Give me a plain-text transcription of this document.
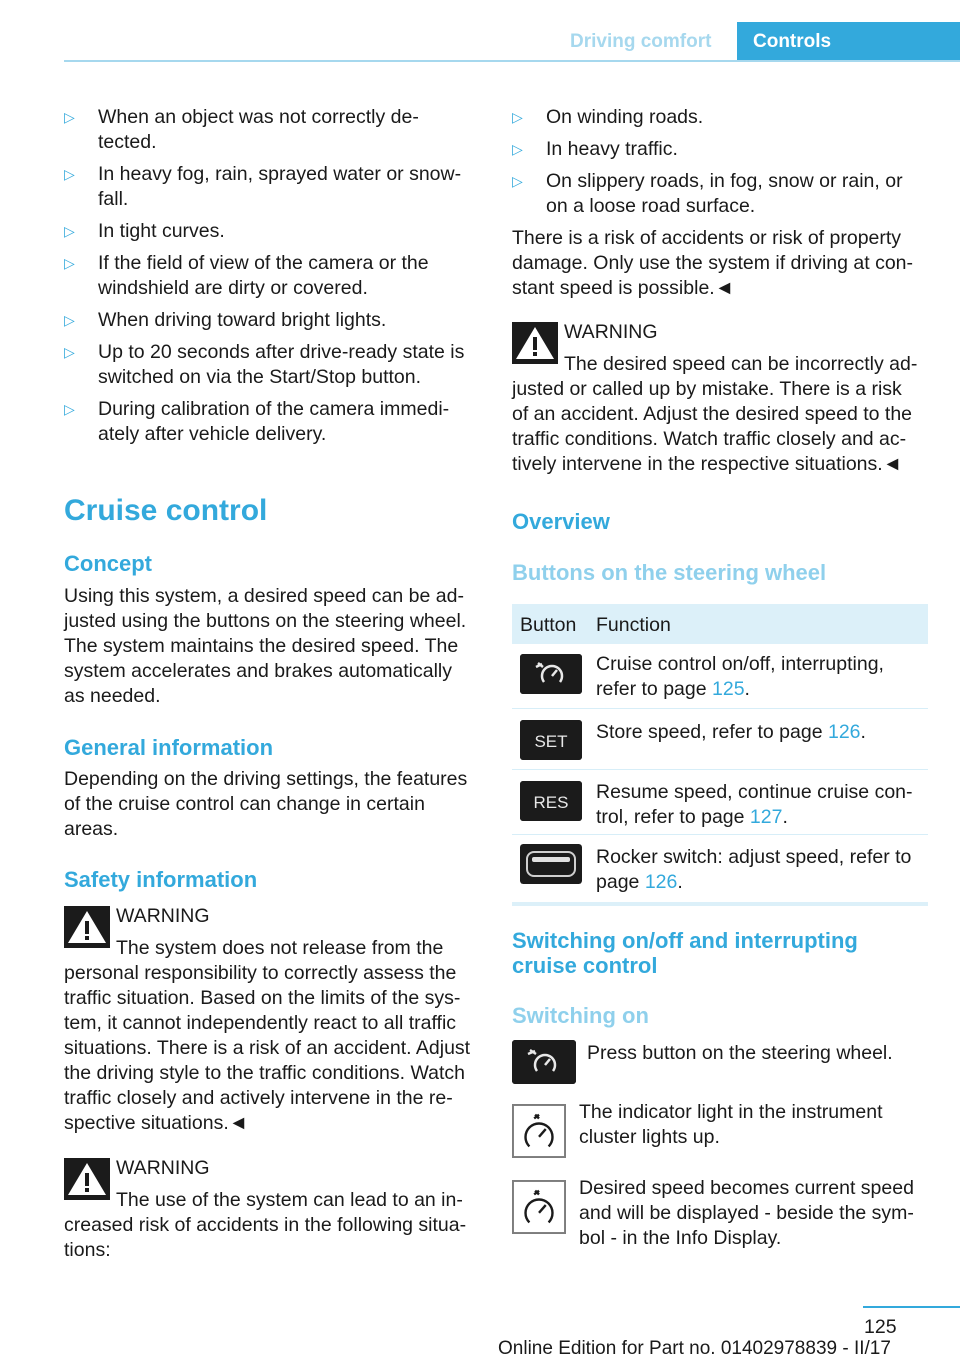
Driving comfort Controls
▷ When an object was not correctly de-
tected.
▷ In heavy fog, rain, sprayed water or snow-
fall.
▷ In tight curves.
▷ If the field of view of the camera or the
windshield are dirty or covered.
▷ When driving toward bright lights.
▷ Up to 20 seconds after drive-ready state is
switched on via the Start/Stop button.
▷ During calibration of the camera immedi-
ately after vehicle delivery.
Cruise control
Concept
Using this system, a desired speed can be ad-
justed using the buttons on the steering wheel.
The system maintains the desired speed. The
system accelerates and brakes automatically
as needed.
General information
Depending on the driving settings, the features
of the cruise control can change in certain
areas.
Safety information
WARNING
The system does not release from the
personal responsibility to correctly assess the
traffic situation. Based on the limits of the sys-
tem, it cannot independently react to all traffic
situations. There is a risk of an accident. Adjust
the driving style to the traffic conditions. Watch
traffic closely and actively intervene in the re-
spective situations.◄
WARNING
The use of the system can lead to an in-
creased risk of accidents in the following situa-
tions:
▷ On winding roads.
▷ In heavy traffic.
▷ On slippery roads, in fog, snow or rain, or
on a loose road surface.
There is a risk of accidents or risk of property
damage. Only use the system if driving at con-
stant speed is possible.◄
WARNING
The desired speed can be incorrectly ad-
justed or called up by mistake. There is a risk
of an accident. Adjust the desired speed to the
traffic conditions. Watch traffic closely and ac-
tively intervene in the respective situations.◄
Overview
Buttons on the steering wheel
Button Function
Cruise control on/off, interrupting,
refer to page 125.
SET Store speed, refer to page 126.
RES Resume speed, continue cruise con-
trol, refer to page 127.
Rocker switch: adjust speed, refer to
page 126.
Switching on/off and interrupting
cruise control
Switching on
Press button on the steering wheel.
The indicator light in the instrument
cluster lights up.
Desired speed becomes current speed
and will be displayed - beside the sym-
bol - in the Info Display.
125
Online Edition for Part no. 01402978839 - II/17
